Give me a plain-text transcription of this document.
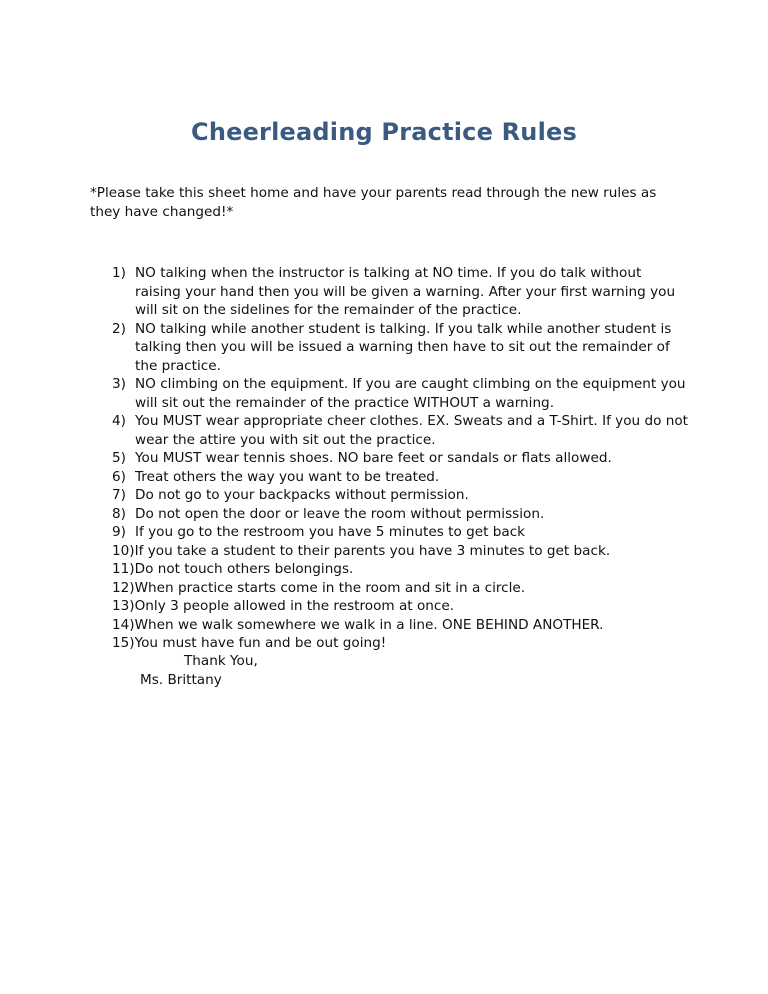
Cheerleading Practice Rules
*Please take this sheet home and have your parents read through the new rules as they have changed!*
1) NO talking when the instructor is talking at NO time. If you do talk without raising your hand then you will be given a warning. After your first warning you will sit on the sidelines for the remainder of the practice.
2) NO talking while another student is talking. If you talk while another student is talking then you will be issued a warning then have to sit out the remainder of the practice.
3) NO climbing on the equipment. If you are caught climbing on the equipment you will sit out the remainder of the practice WITHOUT a warning.
4) You MUST wear appropriate cheer clothes. EX. Sweats and a T-Shirt. If you do not wear the attire you with sit out the practice.
5) You MUST wear tennis shoes. NO bare feet or sandals or flats allowed.
6) Treat others the way you want to be treated.
7) Do not go to your backpacks without permission.
8) Do not open the door or leave the room without permission.
9) If you go to the restroom you have 5 minutes to get back
10) If you take a student to their parents you have 3 minutes to get back.
11) Do not touch others belongings.
12) When practice starts come in the room and sit in a circle.
13) Only 3 people allowed in the restroom at once.
14) When we walk somewhere we walk in a line. ONE BEHIND ANOTHER.
15) You must have fun and be out going!
Thank You,
Ms. Brittany
